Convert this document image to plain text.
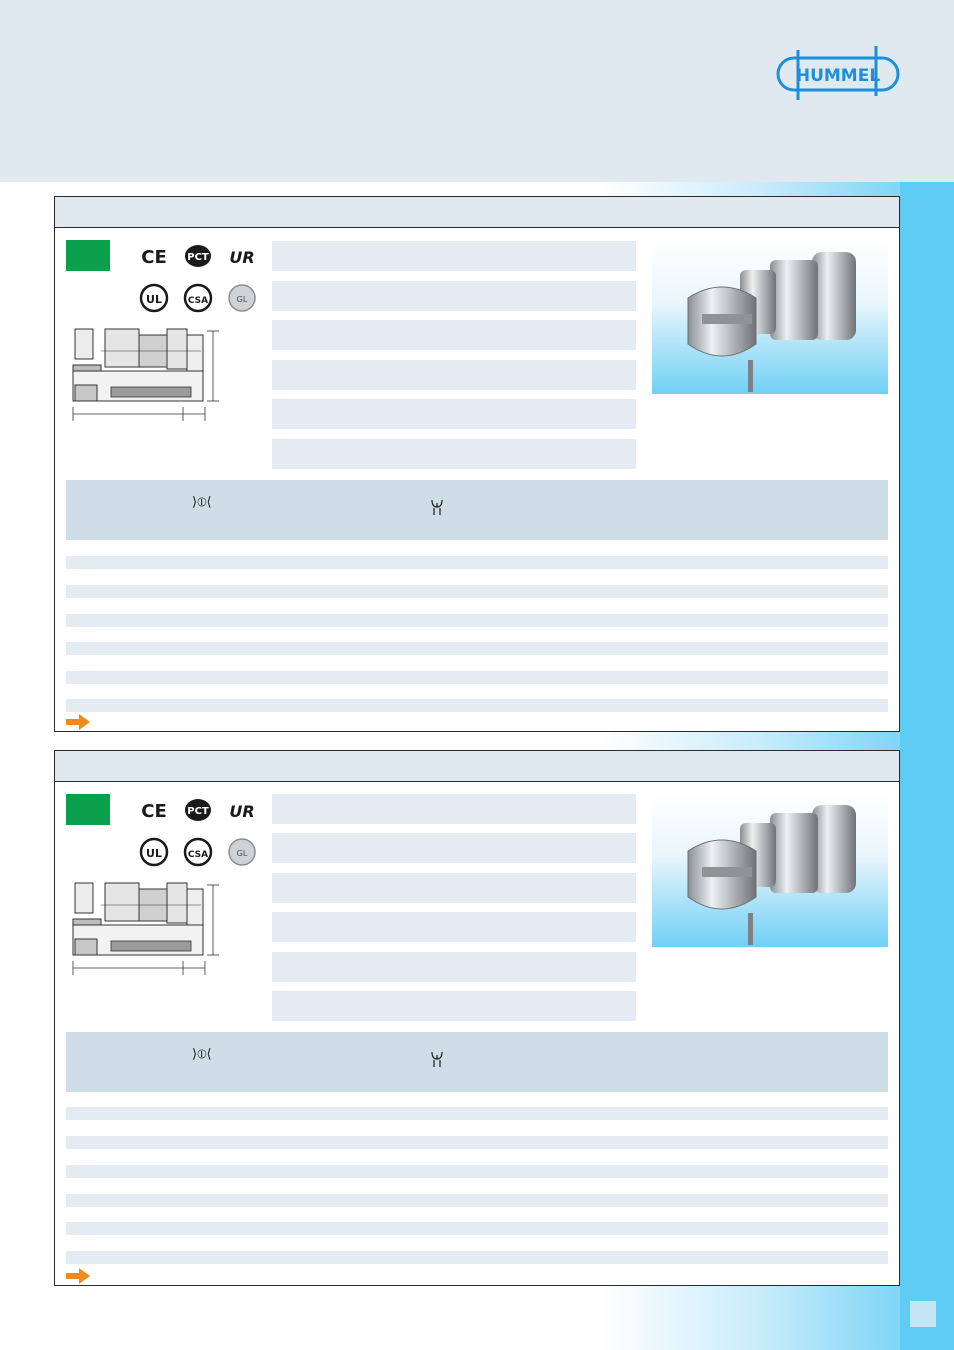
HUMMEL
CE PCT UR
UL	CSA	GL
⟩⦶⟨
CE PCT UR
UL	CSA	GL
⟩⦶⟨
